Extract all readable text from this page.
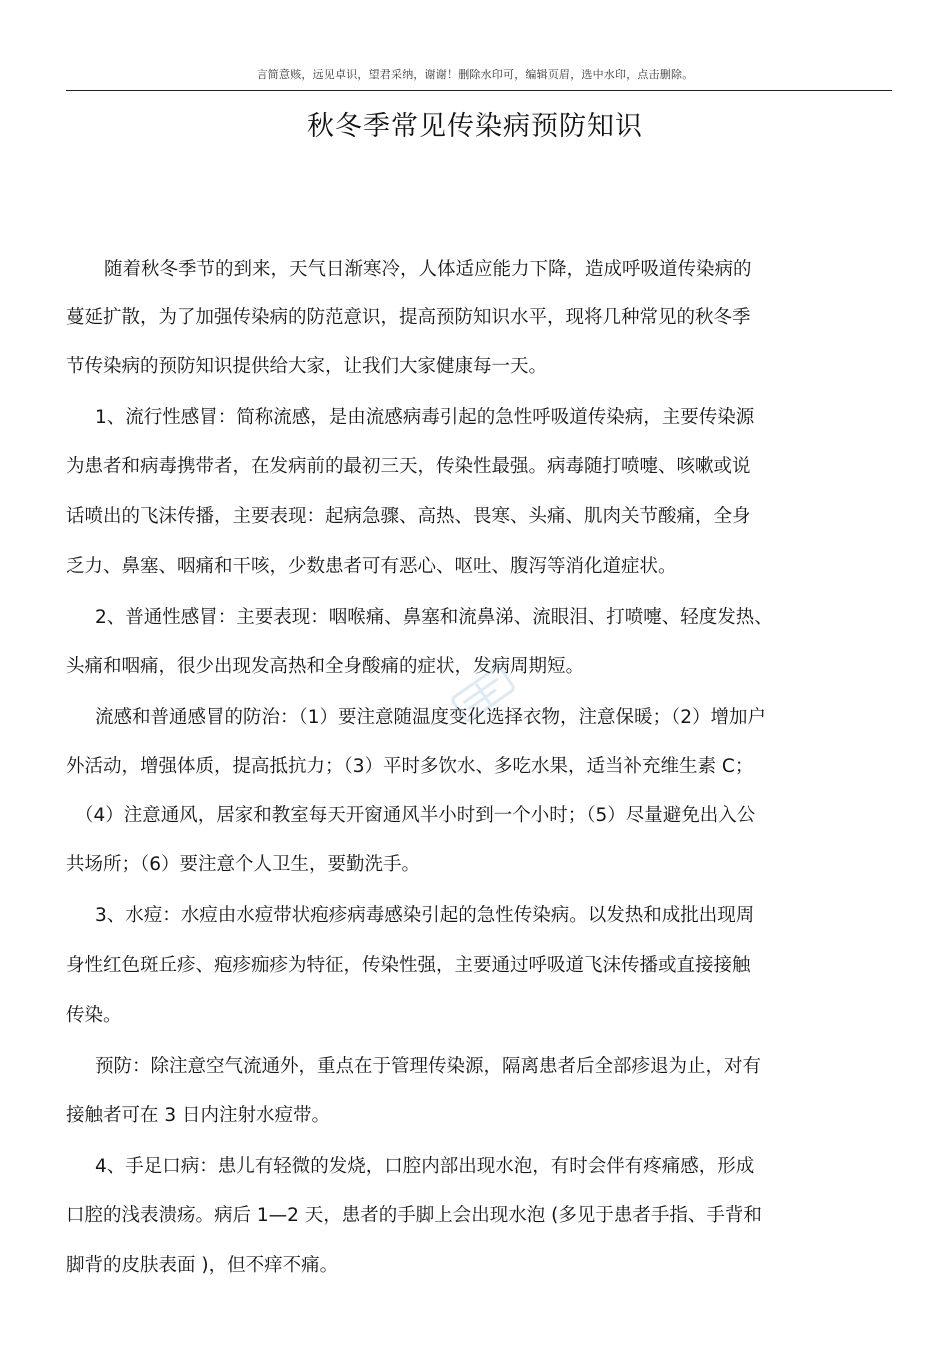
言简意赅，远见卓识，望君采纳，谢谢！删除水印可，编辑页眉，选中水印，点击删除。
秋冬季常见传染病预防知识
随着秋冬季节的到来，天气日渐寒冷，人体适应能力下降，造成呼吸道传染病的
蔓延扩散，为了加强传染病的防范意识，提高预防知识水平，现将几种常见的秋冬季
节传染病的预防知识提供给大家，让我们大家健康每一天。
1、流行性感冒：简称流感，是由流感病毒引起的急性呼吸道传染病，主要传染源
为患者和病毒携带者，在发病前的最初三天，传染性最强。病毒随打喷嚏、咳嗽或说
话喷出的飞沫传播，主要表现：起病急骤、高热、畏寒、头痛、肌肉关节酸痛，全身
乏力、鼻塞、咽痛和干咳，少数患者可有恶心、呕吐、腹泻等消化道症状。
2、普通性感冒：主要表现：咽喉痛、鼻塞和流鼻涕、流眼泪、打喷嚏、轻度发热、
头痛和咽痛，很少出现发高热和全身酸痛的症状，发病周期短。
流感和普通感冒的防治：（1）要注意随温度变化选择衣物，注意保暖；（2）增加户
外活动，增强体质，提高抵抗力；（3）平时多饮水、多吃水果，适当补充维生素 C；
（4）注意通风，居家和教室每天开窗通风半小时到一个小时；（5）尽量避免出入公
共场所；（6）要注意个人卫生，要勤洗手。
3、水痘：水痘由水痘带状疱疹病毒感染引起的急性传染病。以发热和成批出现周
身性红色斑丘疹、疱疹痂疹为特征，传染性强，主要通过呼吸道飞沫传播或直接接触
传染。
预防：除注意空气流通外，重点在于管理传染源，隔离患者后全部疹退为止，对有
接触者可在 3 日内注射水痘带。
4、手足口病：患儿有轻微的发烧，口腔内部出现水泡，有时会伴有疼痛感，形成
口腔的浅表溃疡。病后 1—2 天，患者的手脚上会出现水泡 (多见于患者手指、手背和
脚背的皮肤表面 )，但不痒不痛。
